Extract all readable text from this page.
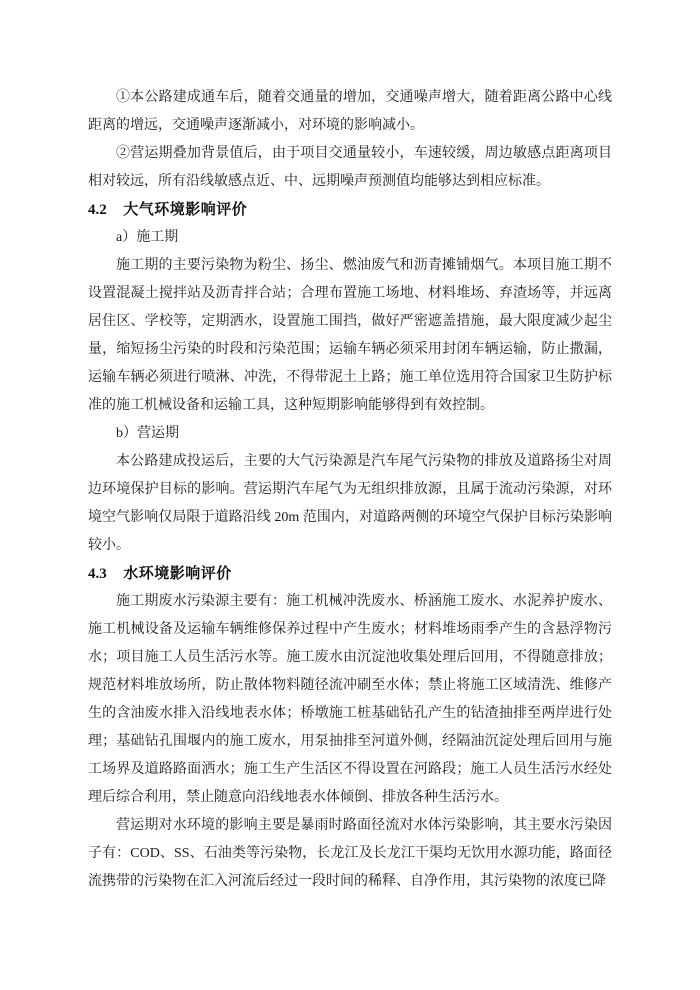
①本公路建成通车后，随着交通量的增加，交通噪声增大，随着距离公路中心线距离的增远，交通噪声逐渐减小，对环境的影响减小。

②营运期叠加背景值后，由于项目交通量较小，车速较缓，周边敏感点距离项目相对较远，所有沿线敏感点近、中、远期噪声预测值均能够达到相应标准。

4.2 大气环境影响评价

a）施工期

施工期的主要污染物为粉尘、扬尘、燃油废气和沥青摊铺烟气。本项目施工期不设置混凝土搅拌站及沥青拌合站；合理布置施工场地、材料堆场、弃渣场等，并远离居住区、学校等，定期洒水，设置施工围挡，做好严密遮盖措施，最大限度减少起尘量，缩短扬尘污染的时段和污染范围；运输车辆必须采用封闭车辆运输，防止撒漏，运输车辆必须进行喷淋、冲洗，不得带泥土上路；施工单位选用符合国家卫生防护标准的施工机械设备和运输工具，这种短期影响能够得到有效控制。

b）营运期

本公路建成投运后，主要的大气污染源是汽车尾气污染物的排放及道路扬尘对周边环境保护目标的影响。营运期汽车尾气为无组织排放源，且属于流动污染源，对环境空气影响仅局限于道路沿线 20m 范围内，对道路两侧的环境空气保护目标污染影响较小。

4.3 水环境影响评价

施工期废水污染源主要有：施工机械冲洗废水、桥涵施工废水、水泥养护废水、施工机械设备及运输车辆维修保养过程中产生废水；材料堆场雨季产生的含悬浮物污水；项目施工人员生活污水等。施工废水由沉淀池收集处理后回用，不得随意排放；规范材料堆放场所，防止散体物料随径流冲刷至水体；禁止将施工区域清洗、维修产生的含油废水排入沿线地表水体；桥墩施工桩基础钻孔产生的钻渣抽排至两岸进行处理；基础钻孔围堰内的施工废水，用泵抽排至河道外侧，经隔油沉淀处理后回用与施工场界及道路路面洒水；施工生产生活区不得设置在河路段；施工人员生活污水经处理后综合利用，禁止随意向沿线地表水体倾倒、排放各种生活污水。

营运期对水环境的影响主要是暴雨时路面径流对水体污染影响，其主要水污染因子有：COD、SS、石油类等污染物，长龙江及长龙江干渠均无饮用水源功能，路面径流携带的污染物在汇入河流后经过一段时间的稀释、自净作用，其污染物的浓度已降
